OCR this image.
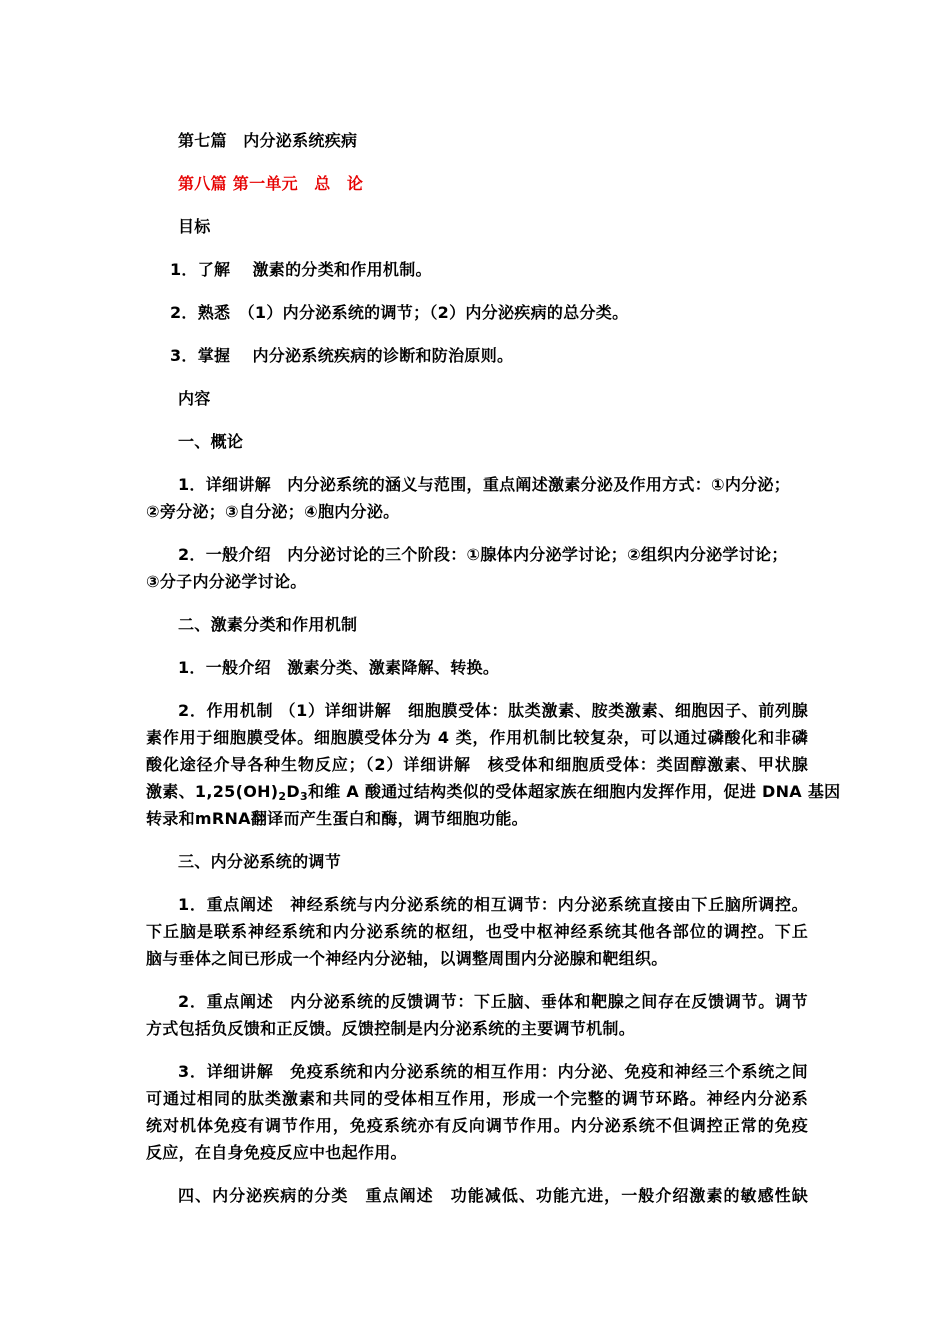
第七篇　内分泌系统疾病
第八篇 第一单元　总　论
目标
1．了解　 激素的分类和作用机制。
2．熟悉　（1）内分泌系统的调节；（2）内分泌疾病的总分类。
3．掌握　 内分泌系统疾病的诊断和防治原则。
内容
一、概论
1．详细讲解　内分泌系统的涵义与范围，重点阐述激素分泌及作用方式：①内分泌；
②旁分泌；③自分泌；④胞内分泌。
2．一般介绍　内分泌讨论的三个阶段：①腺体内分泌学讨论；②组织内分泌学讨论；
③分子内分泌学讨论。
二、激素分类和作用机制
1．一般介绍　激素分类、激素降解、转换。
2．作用机制 （1）详细讲解　细胞膜受体：肽类激素、胺类激素、细胞因子、前列腺
素作用于细胞膜受体。细胞膜受体分为 4 类，作用机制比较复杂，可以通过磷酸化和非磷
酸化途径介导各种生物反应；（2）详细讲解　核受体和细胞质受体：类固醇激素、甲状腺
激素、$1,25(OH)_2D_3$和维 A 酸通过结构类似的受体超家族在细胞内发挥作用，促进 DNA 基因
转录和mRNA翻译而产生蛋白和酶，调节细胞功能。
三、内分泌系统的调节
1．重点阐述　神经系统与内分泌系统的相互调节：内分泌系统直接由下丘脑所调控。
下丘脑是联系神经系统和内分泌系统的枢纽，也受中枢神经系统其他各部位的调控。下丘
脑与垂体之间已形成一个神经内分泌轴，以调整周围内分泌腺和靶组织。
2．重点阐述　内分泌系统的反馈调节：下丘脑、垂体和靶腺之间存在反馈调节。调节
方式包括负反馈和正反馈。反馈控制是内分泌系统的主要调节机制。
3．详细讲解　免疫系统和内分泌系统的相互作用：内分泌、免疫和神经三个系统之间
可通过相同的肽类激素和共同的受体相互作用，形成一个完整的调节环路。神经内分泌系
统对机体免疫有调节作用，免疫系统亦有反向调节作用。内分泌系统不但调控正常的免疫
反应，在自身免疫反应中也起作用。
四、内分泌疾病的分类　重点阐述　功能减低、功能亢进，一般介绍激素的敏感性缺
